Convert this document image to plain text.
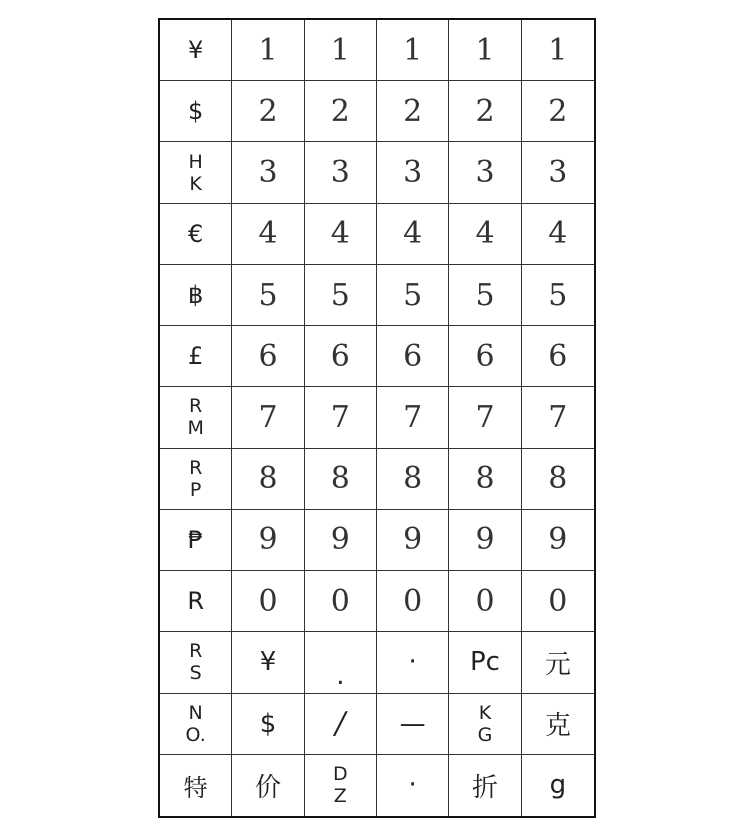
¥ 1 1 1 1 1
$ 2 2 2 2 2
H
K 3 3 3 3 3
€ 4 4 4 4 4
฿ 5 5 5 5 5
£ 6 6 6 6 6
R
M 7 7 7 7 7
R
P 8 8 8 8 8
₱ 9 9 9 9 9
R 0 0 0 0 0
R
S ¥ . · Pc 元
N
O. $ / —	K
G 克
特 价	D
Z · 折 g
